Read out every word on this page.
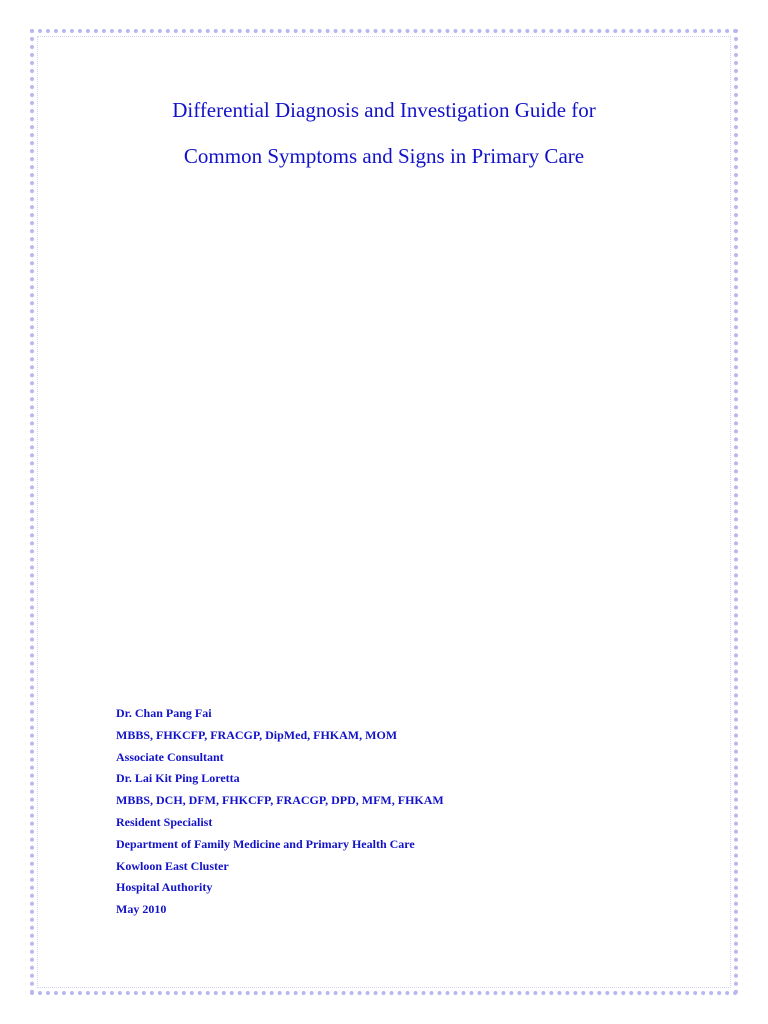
Differential Diagnosis and Investigation Guide for
Common Symptoms and Signs in Primary Care
Dr. Chan Pang Fai
MBBS, FHKCFP, FRACGP, DipMed, FHKAM, MOM
Associate Consultant
Dr. Lai Kit Ping Loretta
MBBS, DCH, DFM, FHKCFP, FRACGP, DPD, MFM, FHKAM
Resident Specialist
Department of Family Medicine and Primary Health Care
Kowloon East Cluster
Hospital Authority
May 2010
